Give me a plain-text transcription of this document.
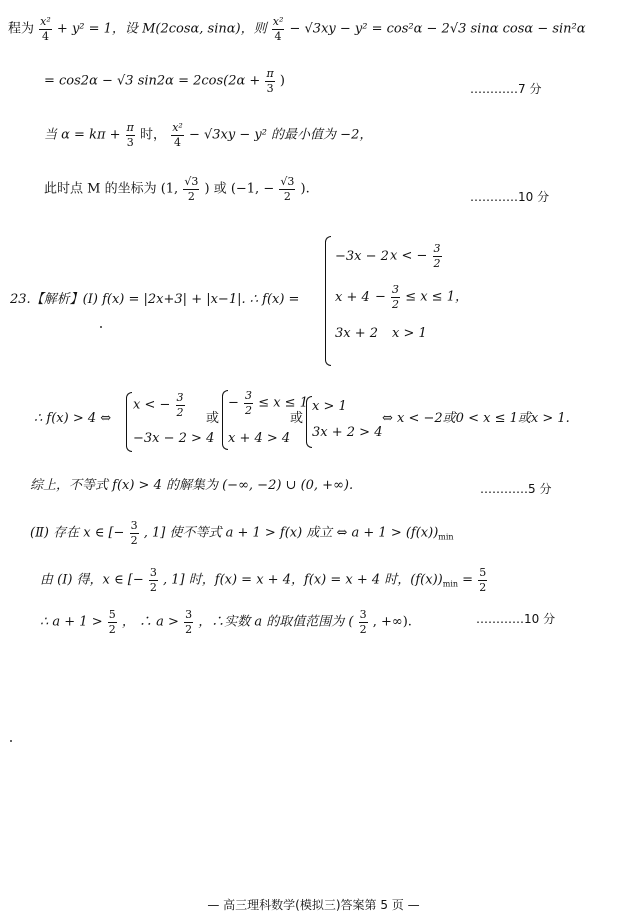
程为 $\frac{\text{x²}}{4} + y^2 = 1$，设 M(2cosα, sinα)，则 $\frac{\text{x²}}{4} - √3xy - y^2 = \cos^2\alpha - 2√3$ sinα cosα − sin²α
= cos2α − √3 $\sin 2\alpha = 2\cos(2\alpha + \frac{\pi}{3}$ )
…………7 分
当 $\alpha = k\pi + \frac{\pi}{3}$ 时， $\frac{\text{x²}}{4} - √3xy - y^2$ 的最小值为 −2，
此时点 M 的坐标为 (1, $\frac{√3}{2}$ ) 或 (−1, − $\frac{√3}{2}$ ).
…………10 分
23.【解析】(Ⅰ) f(x) = |2x+3| + |x−1|. ∴ f(x) =
−3x − 2 x < − $\frac{3}{2}$
$x + 4 - \frac{3}{2} \le x \le 1$，
3x + 2 x > 1
∴ f(x) > 4 ⇔
x < − $\frac{3}{2}$
−3x − 2 > 4
或
− $\frac{3}{2} \le x \le 1$
x + 4 > 4
或
x > 1
3x + 2 > 4
⇔ x < −2或0 < x ≤ 1或x > 1.
综上，不等式 f(x) > 4 的解集为 (−∞, −2) ∪ (0, +∞).	…………5 分
(Ⅱ) 存在 x ∈ [− $\frac{3}{2}$ , 1] 使不等式 a + 1 > f(x) 成立 ⇔ $a + 1 > (f(x))_{min}$
由 (Ⅰ) 得，x ∈ [− $\frac{3}{2}$ , 1] 时，f(x) = x + 4，f(x) = x + 4 时，$(f(x))_{min} = \frac{5}{2}$
∴ $a + 1 > \frac{5}{2}$ ， ∴ $a > \frac{3}{2}$ ，∴实数 a 的取值范围为 ( $\frac{3}{2}$ , +∞).	…………10 分
— 高三理科数学(模拟三)答案第 5 页 —
